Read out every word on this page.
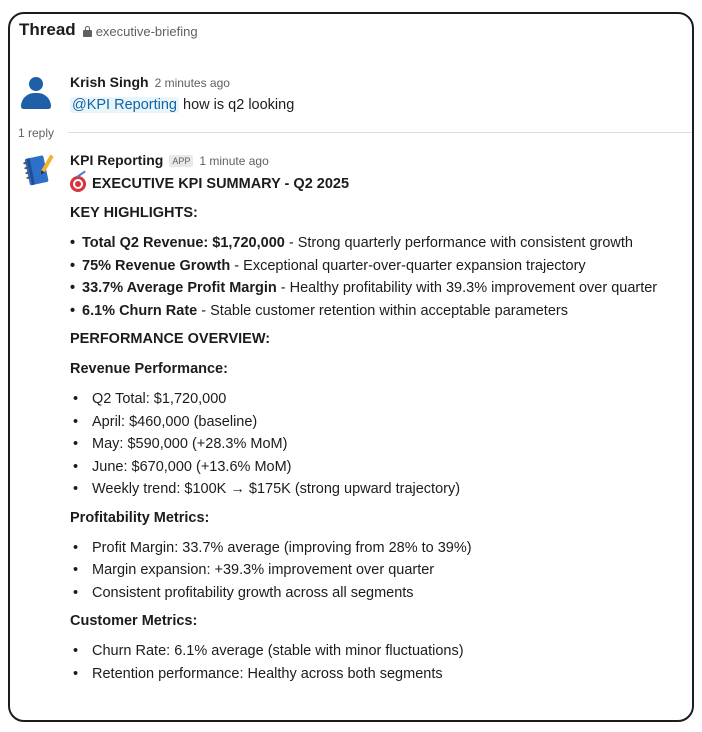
Thread executive-briefing
Krish Singh 2 minutes ago
@KPI Reporting how is q2 looking
1 reply
KPI Reporting	APP 1 minute ago
EXECUTIVE KPI SUMMARY - Q2 2025
KEY HIGHLIGHTS:
• Total Q2 Revenue: $1,720,000 - Strong quarterly performance with consistent growth
• 75% Revenue Growth - Exceptional quarter-over-quarter expansion trajectory
• 33.7% Average Profit Margin - Healthy profitability with 39.3% improvement over quarter
• 6.1% Churn Rate - Stable customer retention within acceptable parameters
PERFORMANCE OVERVIEW:
Revenue Performance:
• Q2 Total: $1,720,000
• April: $460,000 (baseline)
• May: $590,000 (+28.3% MoM)
• June: $670,000 (+13.6% MoM)
• Weekly trend: $100K → $175K (strong upward trajectory)
Profitability Metrics:
• Profit Margin: 33.7% average (improving from 28% to 39%)
• Margin expansion: +39.3% improvement over quarter
• Consistent profitability growth across all segments
Customer Metrics:
• Churn Rate: 6.1% average (stable with minor fluctuations)
• Retention performance: Healthy across both segments
